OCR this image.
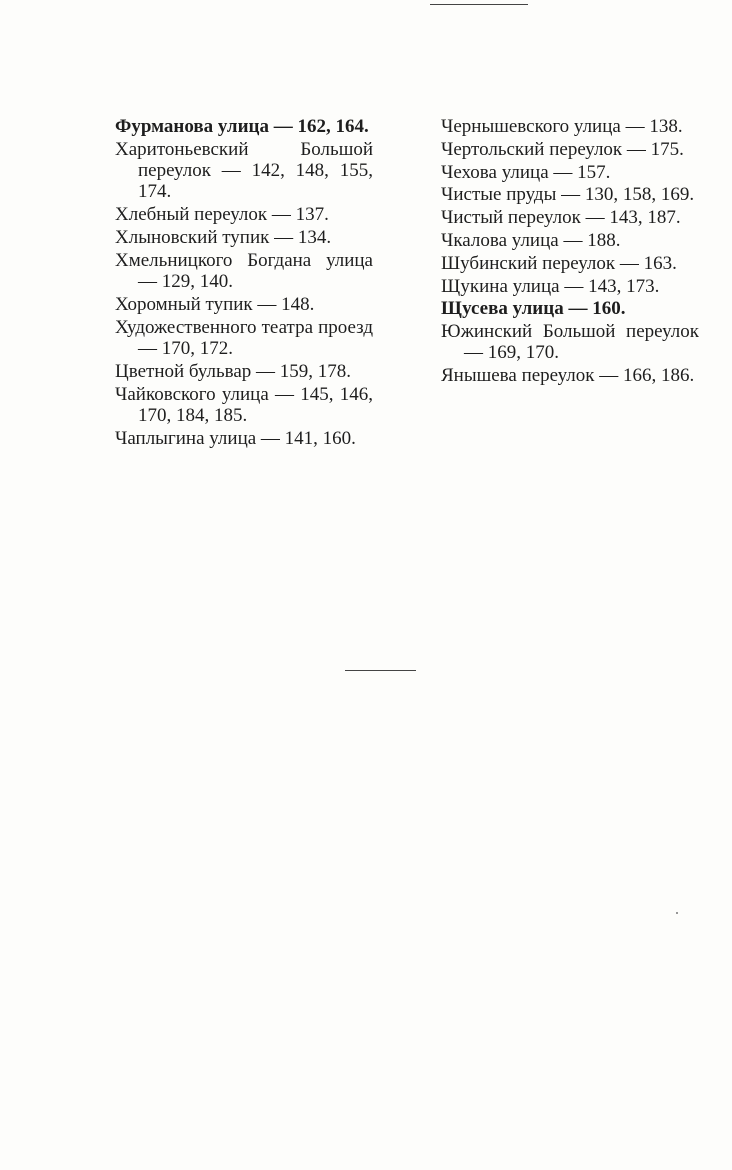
Фурманова улица — 162, 164.

Харитоньевский Большой переулок — 142, 148, 155, 174.

Хлебный переулок — 137.

Хлыновский тупик — 134.

Хмельницкого Богдана улица — 129, 140.

Хоромный тупик — 148.

Художественного театра проезд — 170, 172.

Цветной бульвар — 159, 178.

Чайковского улица — 145, 146, 170, 184, 185.

Чаплыгина улица — 141, 160.

Чернышевского улица — 138.

Чертольский переулок — 175.

Чехова улица — 157.

Чистые пруды — 130, 158, 169.

Чистый переулок — 143, 187.

Чкалова улица — 188.

Шубинский переулок — 163.

Щукина улица — 143, 173.

Щусева улица — 160.

Южинский Большой переулок — 169, 170.

Янышева переулок — 166, 186.
